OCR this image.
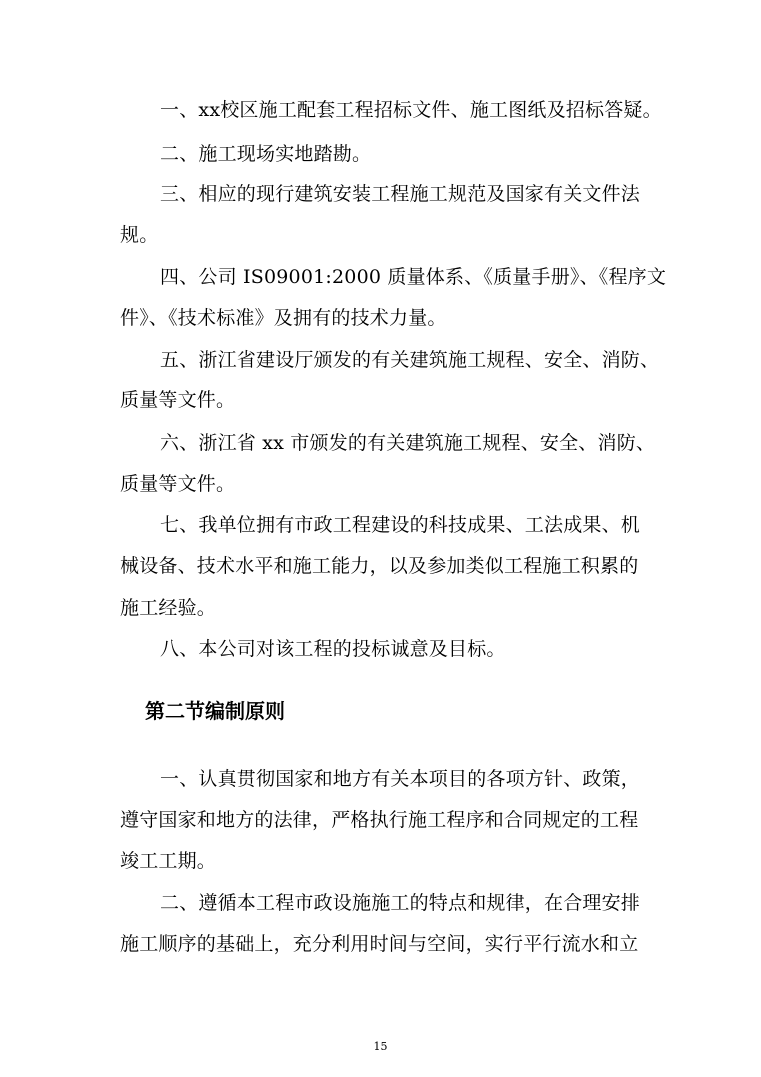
一、xx校区施工配套工程招标文件、施工图纸及招标答疑。
二、施工现场实地踏勘。
三、相应的现行建筑安装工程施工规范及国家有关文件法
规。
四、公司 IS09001:2000 质量体系、《质量手册》、《程序文
件》、《技术标准》及拥有的技术力量。
五、浙江省建设厅颁发的有关建筑施工规程、安全、消防、
质量等文件。
六、浙江省 xx 市颁发的有关建筑施工规程、安全、消防、
质量等文件。
七、我单位拥有市政工程建设的科技成果、工法成果、机
械设备、技术水平和施工能力，以及参加类似工程施工积累的
施工经验。
八、本公司对该工程的投标诚意及目标。
第二节编制原则
一、认真贯彻国家和地方有关本项目的各项方针、政策，
遵守国家和地方的法律，严格执行施工程序和合同规定的工程
竣工工期。
二、遵循本工程市政设施施工的特点和规律，在合理安排
施工顺序的基础上，充分利用时间与空间，实行平行流水和立
15
